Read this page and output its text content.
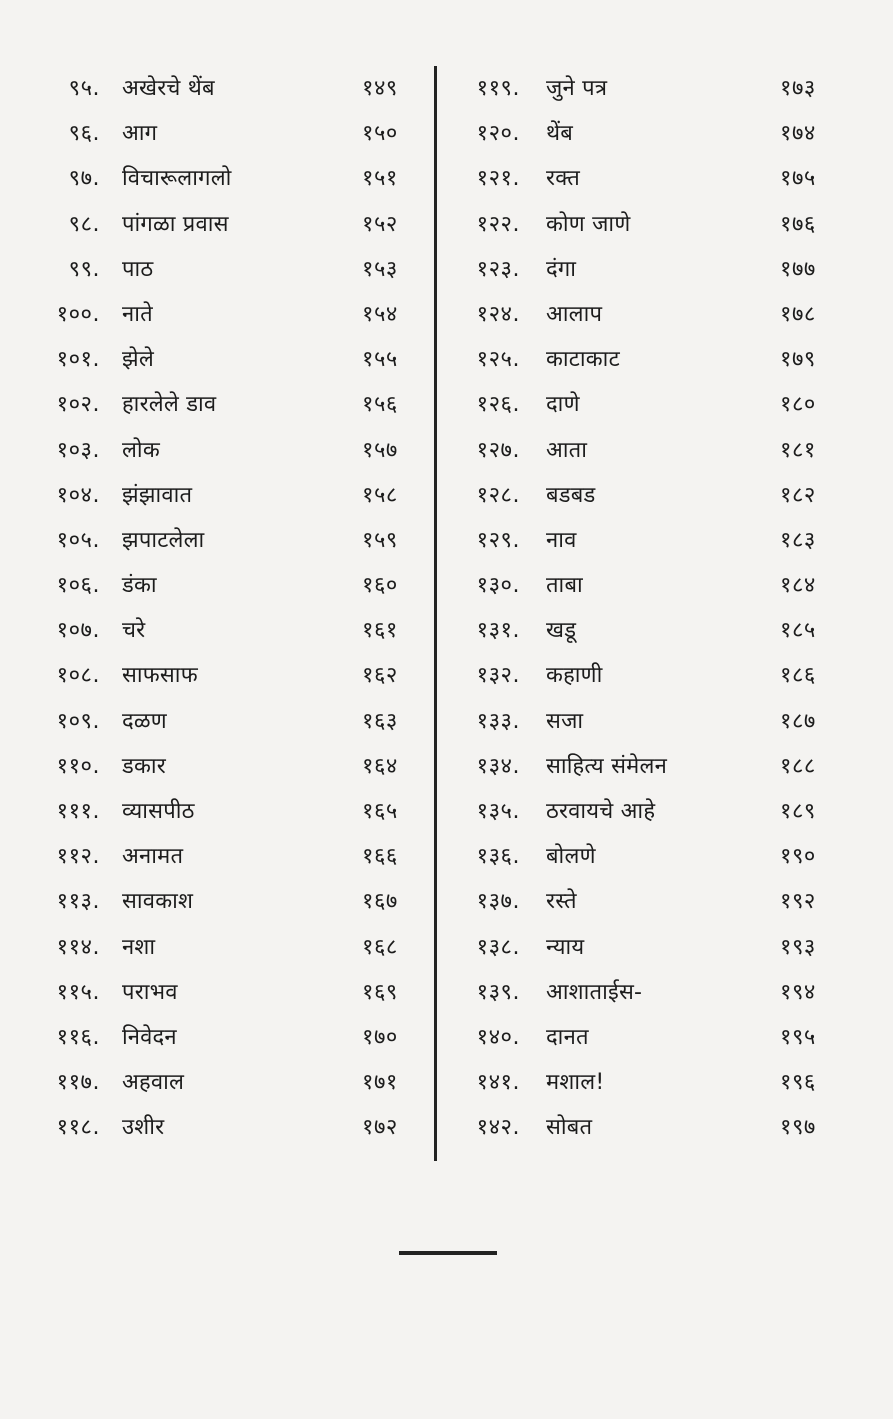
९५. अखेरचे थेंब	१४९
९६. आग	१५०
९७. विचारूलागलो	१५१
९८. पांगळा प्रवास	१५२
९९. पाठ	१५३
१००. नाते	१५४
१०१. झेले	१५५
१०२. हारलेले डाव	१५६
१०३. लोक	१५७
१०४. झंझावात	१५८
१०५. झपाटलेला	१५९
१०६. डंका	१६०
१०७. चरे	१६१
१०८. साफसाफ	१६२
१०९. दळण	१६३
११०. डकार	१६४
१११. व्यासपीठ	१६५
११२. अनामत	१६६
११३. सावकाश	१६७
११४. नशा	१६८
११५. पराभव	१६९
११६. निवेदन	१७०
११७. अहवाल	१७१
११८. उशीर	१७२
११९. जुने पत्र	१७३
१२०. थेंब	१७४
१२१. रक्त	१७५
१२२. कोण जाणे	१७६
१२३. दंगा	१७७
१२४. आलाप	१७८
१२५. काटाकाट	१७९
१२६. दाणे	१८०
१२७. आता	१८१
१२८. बडबड	१८२
१२९. नाव	१८३
१३०. ताबा	१८४
१३१. खडू	१८५
१३२. कहाणी	१८६
१३३. सजा	१८७
१३४. साहित्य संमेलन	१८८
१३५. ठरवायचे आहे	१८९
१३६. बोलणे	१९०
१३७. रस्ते	१९२
१३८. न्याय	१९३
१३९. आशाताईस-	१९४
१४०. दानत	१९५
१४१. मशाल!	१९६
१४२. सोबत	१९७
